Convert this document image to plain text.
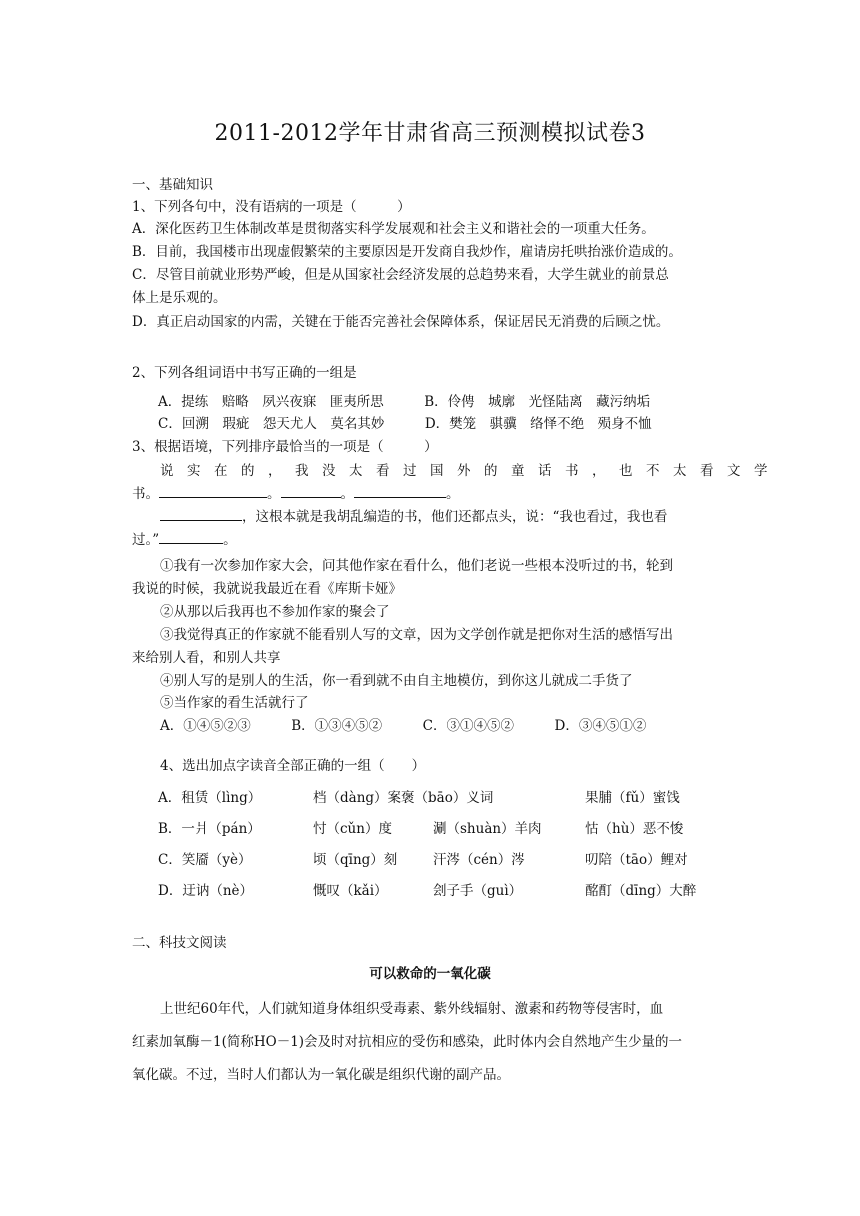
2011-2012学年甘肃省高三预测模拟试卷3
一、基础知识
1、下列各句中，没有语病的一项是（　　　）
A．深化医药卫生体制改革是贯彻落实科学发展观和社会主义和谐社会的一项重大任务。
B．目前，我国楼市出现虚假繁荣的主要原因是开发商自我炒作，雇请房托哄抬涨价造成的。
C．尽管目前就业形势严峻，但是从国家社会经济发展的总趋势来看，大学生就业的前景总
体上是乐观的。
D．真正启动国家的内需，关键在于能否完善社会保障体系，保证居民无消费的后顾之忧。
2、下列各组词语中书写正确的一组是
A．提练　赔略　夙兴夜寐　匪夷所思　　　B．伶俜　城廓　光怪陆离　藏污纳垢
C．回溯　瑕疵　怨天尤人　莫名其妙　　　D．樊笼　骐骥　络怿不绝　殒身不恤
3、根据语境，下列排序最恰当的一项是（　　　）
说实在的，我没太看过国外的童话书，也不太看文学
书。	。	。	。
，这根本就是我胡乱编造的书，他们还都点头，说：“我也看过，我也看
过。”	。
①我有一次参加作家大会，问其他作家在看什么，他们老说一些根本没听过的书，轮到
我说的时候，我就说我最近在看《库斯卡娅》
②从那以后我再也不参加作家的聚会了
③我觉得真正的作家就不能看别人写的文章，因为文学创作就是把你对生活的感悟写出
来给别人看，和别人共享
④别人写的是别人的生活，你一看到就不由自主地模仿，到你这儿就成二手货了
⑤当作家的看生活就行了
A．①④⑤②③　　　B．①③④⑤②　　　C．③①④⑤②　　　D．③④⑤①②
4、选出加点字读音全部正确的一组（　　）
A．租赁（lìng）	档（dàng）案褒（bāo）义词	果脯（fǔ）蜜饯
B．一爿（pán）	忖（cǔn）度	涮（shuàn）羊肉	怙（hù）恶不悛
C．笑靥（yè）	顷（qīng）刻	汗涔（cén）涔	叨陪（tāo）鲤对
D．迂讷（nè）	慨叹（kǎi）	刽子手（guì）	酩酊（dīng）大醉
二、科技文阅读
可以救命的一氧化碳
上世纪60年代，人们就知道身体组织受毒素、紫外线辐射、激素和药物等侵害时，血
红素加氧酶－1(简称HO－1)会及时对抗相应的受伤和感染，此时体内会自然地产生少量的一
氧化碳。不过，当时人们都认为一氧化碳是组织代谢的副产品。
